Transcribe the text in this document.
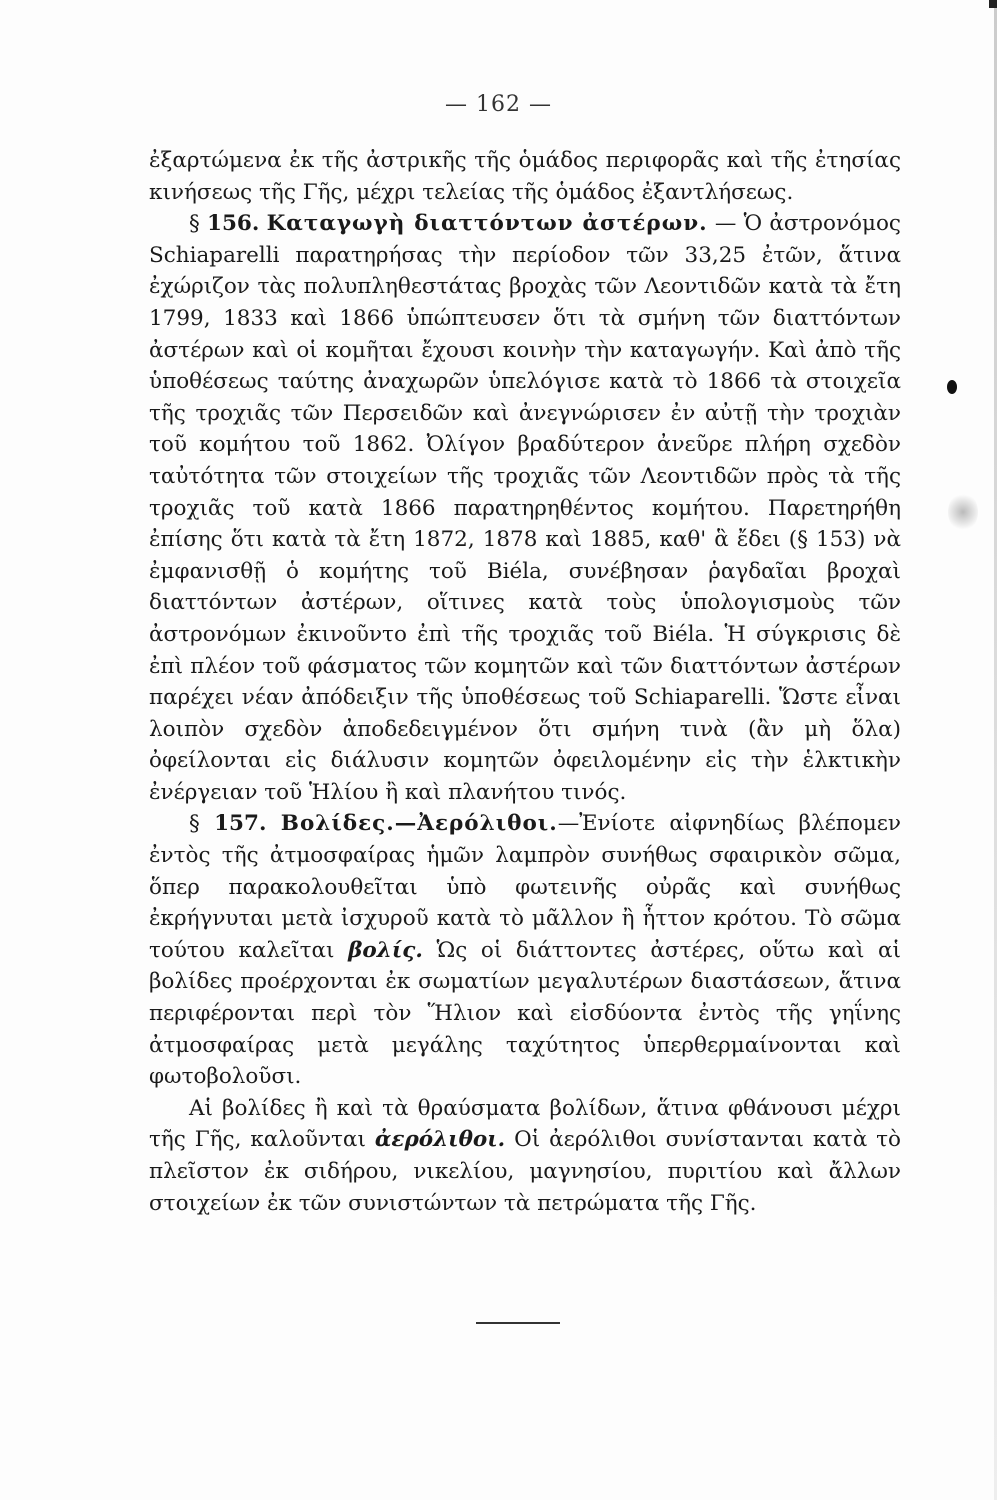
— 162 —

ἐξαρτώμενα ἐκ τῆς ἀστρικῆς τῆς ὁμάδος περιφορᾶς καὶ τῆς ἐτησίας κινήσεως τῆς Γῆς, μέχρι τελείας τῆς ὁμάδος ἐξαντλήσεως.

§ 156. Καταγωγὴ διαττόντων ἀστέρων. — Ὁ ἀστρονόμος Schiaparelli παρατηρήσας τὴν περίοδον τῶν 33,25 ἐτῶν, ἅτινα ἐχώριζον τὰς πολυπληθεστάτας βροχὰς τῶν Λεοντιδῶν κατὰ τὰ ἔτη 1799, 1833 καὶ 1866 ὑπώπτευσεν ὅτι τὰ σμήνη τῶν διαττόντων ἀστέρων καὶ οἱ κομῆται ἔχουσι κοινὴν τὴν καταγωγήν. Καὶ ἀπὸ τῆς ὑποθέσεως ταύτης ἀναχωρῶν ὑπελόγισε κατὰ τὸ 1866 τὰ στοιχεῖα τῆς τροχιᾶς τῶν Περσειδῶν καὶ ἀνεγνώρισεν ἐν αὐτῇ τὴν τροχιὰν τοῦ κομήτου τοῦ 1862. Ὀλίγον βραδύτερον ἀνεῦρε πλήρη σχεδὸν ταὐτότητα τῶν στοιχείων τῆς τροχιᾶς τῶν Λεοντιδῶν πρὸς τὰ τῆς τροχιᾶς τοῦ κατὰ 1866 παρατηρηθέντος κομήτου. Παρετηρήθη ἐπίσης ὅτι κατὰ τὰ ἔτη 1872, 1878 καὶ 1885, καθ' ἃ ἔδει (§ 153) νὰ ἐμφανισθῇ ὁ κομήτης τοῦ Biéla, συνέβησαν ῥαγδαῖαι βροχαὶ διαττόντων ἀστέρων, οἵτινες κατὰ τοὺς ὑπολογισμοὺς τῶν ἀστρονόμων ἐκινοῦντο ἐπὶ τῆς τροχιᾶς τοῦ Biéla. Ἡ σύγκρισις δὲ ἐπὶ πλέον τοῦ φάσματος τῶν κομητῶν καὶ τῶν διαττόντων ἀστέρων παρέχει νέαν ἀπόδειξιν τῆς ὑποθέσεως τοῦ Schiaparelli. Ὥστε εἶναι λοιπὸν σχεδὸν ἀποδεδειγμένον ὅτι σμήνη τινὰ (ἂν μὴ ὅλα) ὀφείλονται εἰς διάλυσιν κομητῶν ὀφειλομένην εἰς τὴν ἑλκτικὴν ἐνέργειαν τοῦ Ἡλίου ἢ καὶ πλανήτου τινός.

§ 157. Βολίδες.—Ἀερόλιθοι.—Ἐνίοτε αἰφνηδίως βλέπομεν ἐντὸς τῆς ἀτμοσφαίρας ἡμῶν λαμπρὸν συνήθως σφαιρικὸν σῶμα, ὅπερ παρακολουθεῖται ὑπὸ φωτεινῆς οὐρᾶς καὶ συνήθως ἐκρήγνυται μετὰ ἰσχυροῦ κατὰ τὸ μᾶλλον ἢ ἧττον κρότου. Τὸ σῶμα τούτου καλεῖται βολίς. Ὡς οἱ διάττοντες ἀστέρες, οὕτω καὶ αἱ βολίδες προέρχονται ἐκ σωματίων μεγαλυτέρων διαστάσεων, ἅτινα περιφέρονται περὶ τὸν Ἥλιον καὶ εἰσδύοντα ἐντὸς τῆς γηΐνης ἀτμοσφαίρας μετὰ μεγάλης ταχύτητος ὑπερθερμαίνονται καὶ φωτοβολοῦσι.

Αἱ βολίδες ἢ καὶ τὰ θραύσματα βολίδων, ἅτινα φθάνουσι μέχρι τῆς Γῆς, καλοῦνται ἀερόλιθοι. Οἱ ἀερόλιθοι συνίστανται κατὰ τὸ πλεῖστον ἐκ σιδήρου, νικελίου, μαγνησίου, πυριτίου καὶ ἄλλων στοιχείων ἐκ τῶν συνιστώντων τὰ πετρώματα τῆς Γῆς.
